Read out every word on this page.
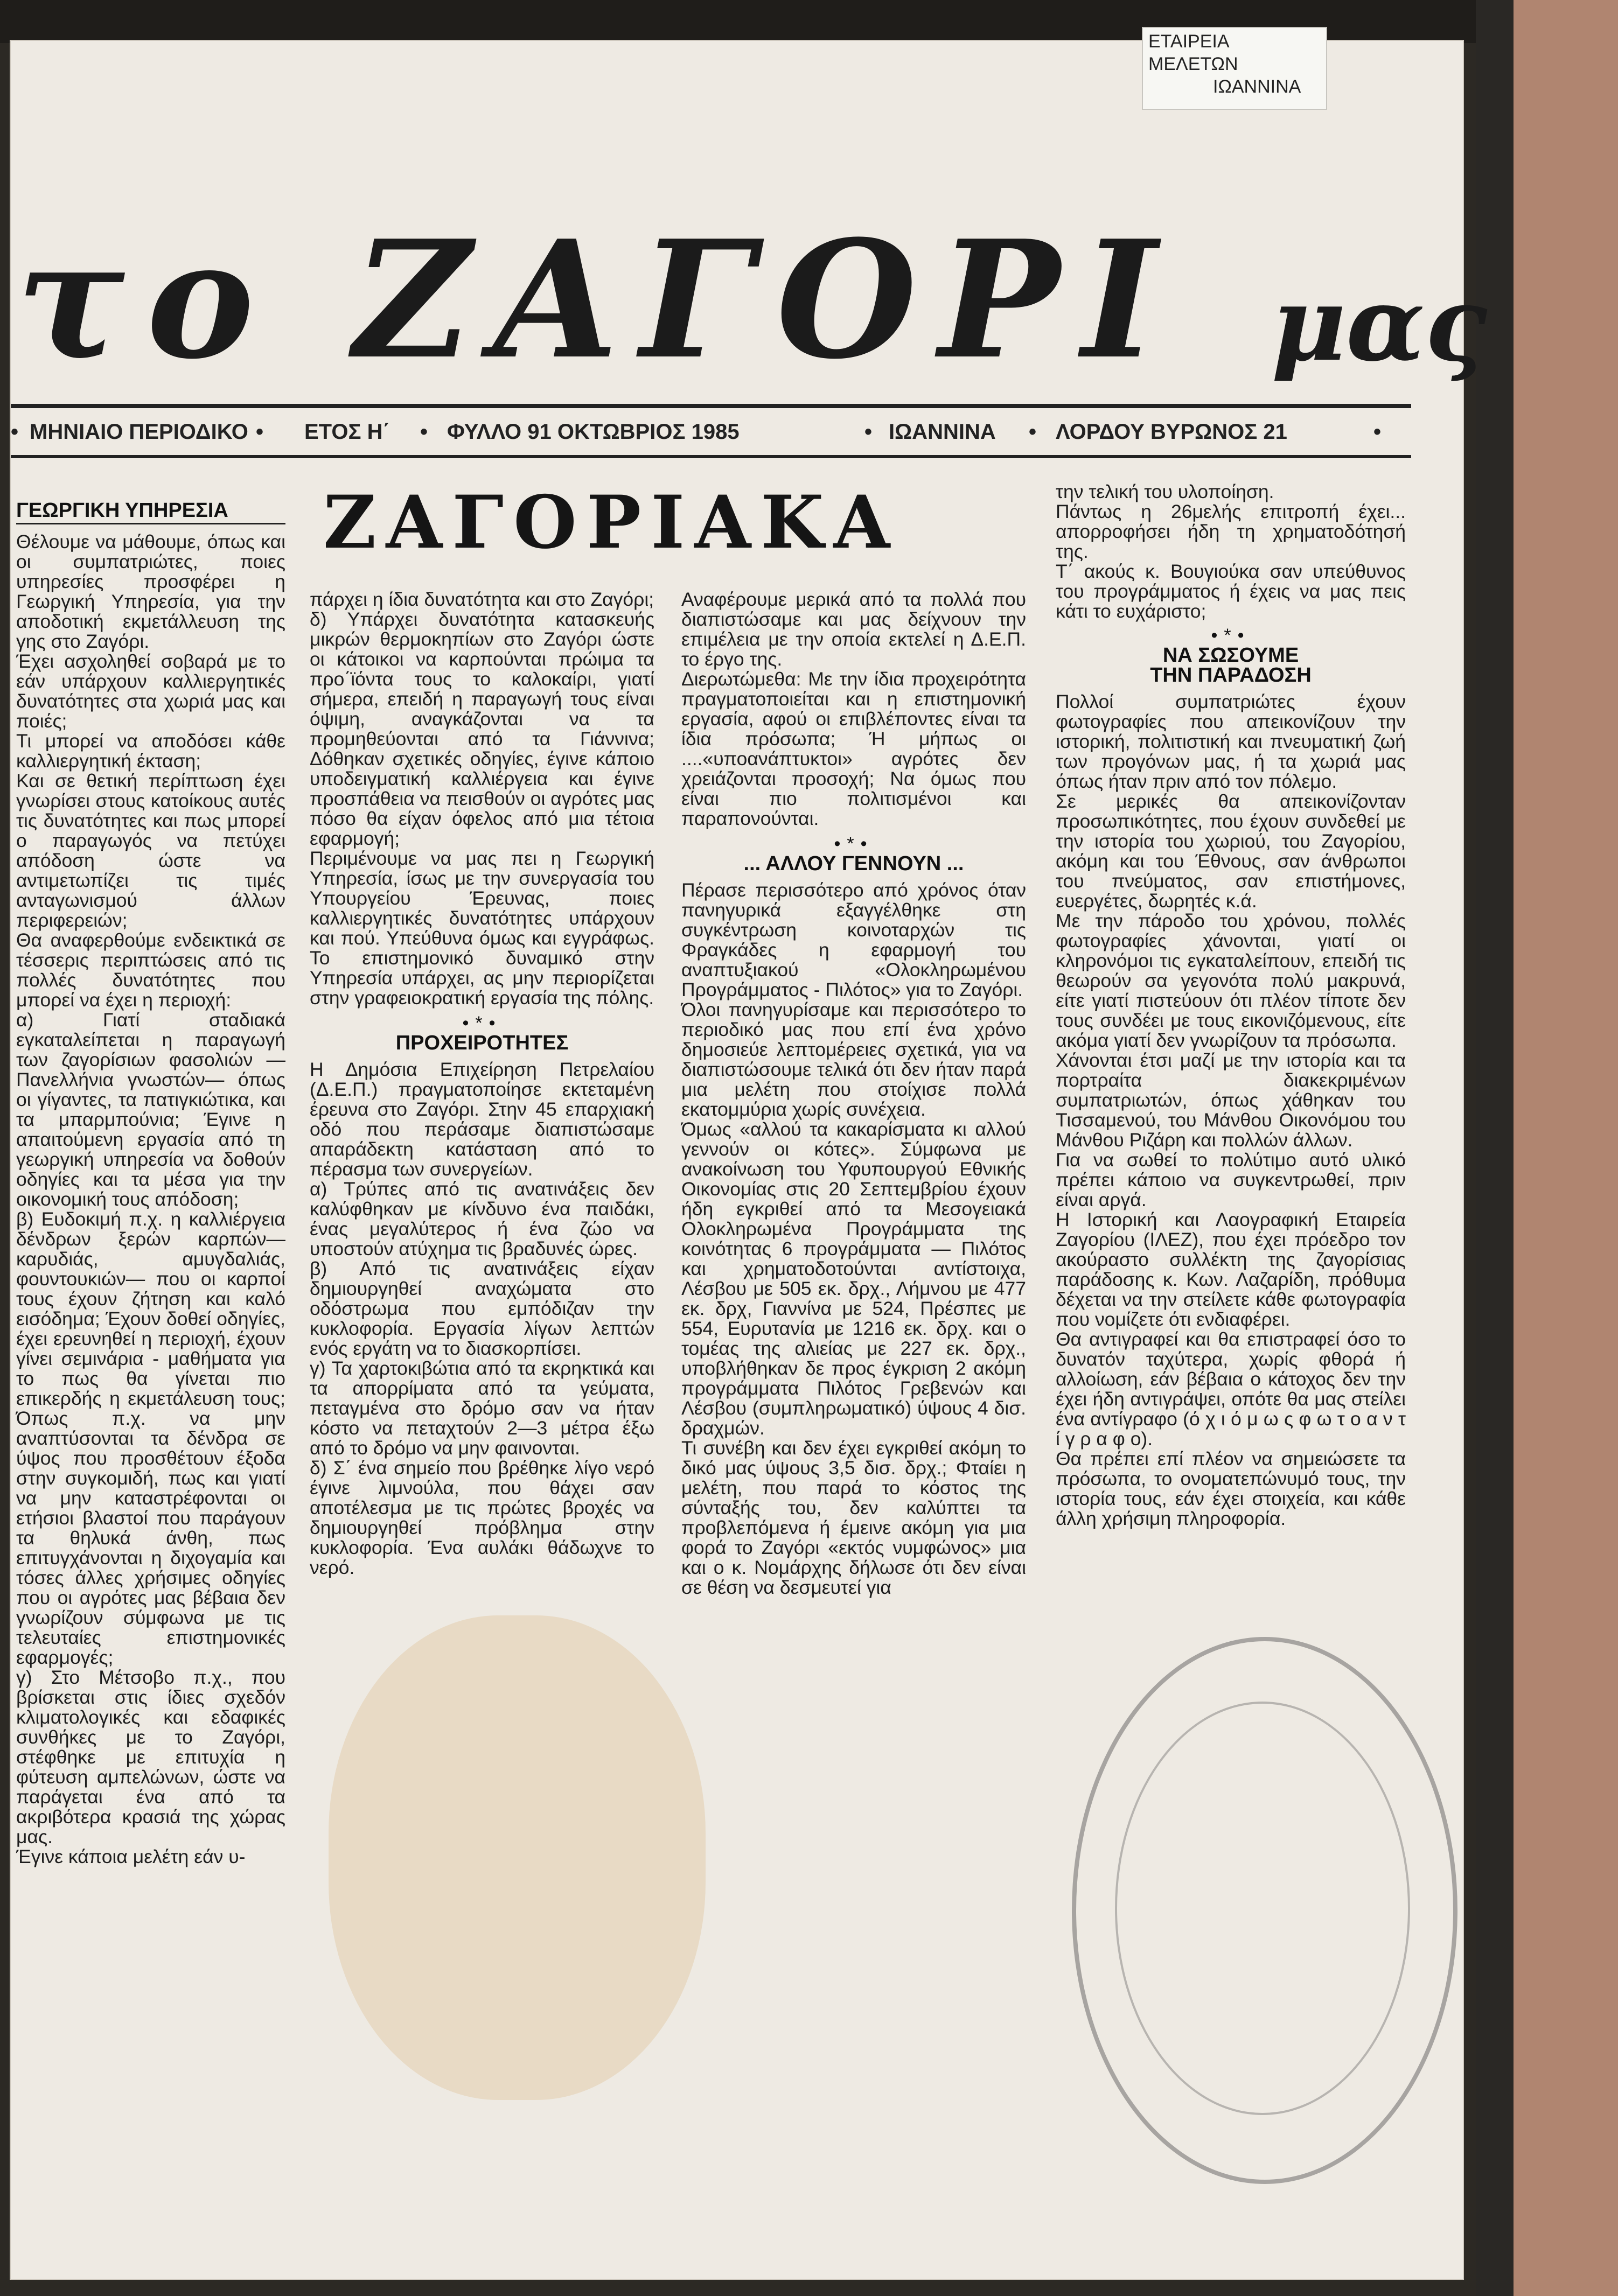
ΕΤΑΙΡΕΙΑ
ΜΕΛΕΤΩΝ
ΙΩΑΝΝΙΝΑ
το ΖΑΓΟΡΙ μας
• ΜΗΝΙΑΙΟ ΠΕΡΙΟΔΙΚΟ • ΕΤΟΣ Η΄ • ΦΥΛΛΟ 91 ΟΚΤΩΒΡΙΟΣ 1985	• ΙΩΑΝΝΙΝΑ • ΛΟΡΔΟΥ ΒΥΡΩΝΟΣ 21	•
ΖΑΓΟΡΙΑΚΑ
ΓΕΩΡΓΙΚΗ ΥΠΗΡΕΣΙΑ

Θέλουμε να μάθουμε, όπως και οι συμπατριώτες, ποιες υπηρεσίες προσφέρει η Γεωργική Υπηρεσία, για την αποδοτική εκμετάλλευση της γης στο Ζαγόρι.

Έχει ασχοληθεί σοβαρά με το εάν υπάρχουν καλλιεργητικές δυνατότητες στα χωριά μας και ποιές;

Τι μπορεί να αποδόσει κάθε καλλιεργητική έκταση;

Και σε θετική περίπτωση έχει γνωρίσει στους κατοίκους αυτές τις δυνατότητες και πως μπορεί ο παραγωγός να πετύχει απόδοση ώστε να αντιμετωπίζει τις τιμές ανταγωνισμού άλλων περιφερειών;

Θα αναφερθούμε ενδεικτικά σε τέσσερις περιπτώσεις από τις πολλές δυνατότητες που μπορεί να έχει η περιοχή:

α) Γιατί σταδιακά εγκαταλείπεται η παραγωγή των ζαγορίσιων φασολιών —Πανελλήνια γνωστών— όπως οι γίγαντες, τα πατιγκιώτικα, και τα μπαρμπούνια; Έγινε η απαιτούμενη εργασία από τη γεωργική υπηρεσία να δοθούν οδηγίες και τα μέσα για την οικονομική τους απόδοση;

β) Ευδοκιμή π.χ. η καλλιέργεια δένδρων ξερών καρπών— καρυδιάς, αμυγδαλιάς, φουντουκιών— που οι καρποί τους έχουν ζήτηση και καλό εισόδημα; Έχουν δοθεί οδηγίες, έχει ερευνηθεί η περιοχή, έχουν γίνει σεμινάρια - μαθήματα για το πως θα γίνεται πιο επικερδής η εκμετάλευση τους; Όπως π.χ. να μην αναπτύσονται τα δένδρα σε ύψος που προσθέτουν έξοδα στην συγκομιδή, πως και γιατί να μην καταστρέφονται οι ετήσιοι βλαστοί που παράγουν τα θηλυκά άνθη, πως επιτυγχάνονται η διχογαμία και τόσες άλλες χρήσιμες οδηγίες που οι αγρότες μας βέβαια δεν γνωρίζουν σύμφωνα με τις τελευταίες επιστημονικές εφαρμογές;

γ) Στο Μέτσοβο π.χ., που βρίσκεται στις ίδιες σχεδόν κλιματολογικές και εδαφικές συνθήκες με το Ζαγόρι, στέφθηκε με επιτυχία η φύτευση αμπελώνων, ώστε να παράγεται ένα από τα ακριβότερα κρασιά της χώρας μας.

Έγινε κάποια μελέτη εάν υ-

πάρχει η ίδια δυνατότητα και στο Ζαγόρι;

δ) Υπάρχει δυνατότητα κατασκευής μικρών θερμοκηπίων στο Ζαγόρι ώστε οι κάτοικοι να καρπούνται πρώιμα τα προ΄ϊόντα τους το καλοκαίρι, γιατί σήμερα, επειδή η παραγωγή τους είναι όψιμη, αναγκάζονται να τα προμηθεύονται από τα Γιάννινα; Δόθηκαν σχετικές οδηγίες, έγινε κάποιο υποδειγματική καλλιέργεια και έγινε προσπάθεια να πεισθούν οι αγρότες μας πόσο θα είχαν όφελος από μια τέτοια εφαρμογή;

Περιμένουμε να μας πει η Γεωργική Υπηρεσία, ίσως με την συνεργασία του Υπουργείου Έρευνας, ποιες καλλιεργητικές δυνατότητες υπάρχουν και πού. Υπεύθυνα όμως και εγγράφως. Το επιστημονικό δυναμικό στην Υπηρεσία υπάρχει, ας μην περιορίζεται στην γραφειοκρατική εργασία της πόλης.

•*•
ΠΡΟΧΕΙΡΟΤΗΤΕΣ

Η Δημόσια Επιχείρηση Πετρελαίου (Δ.Ε.Π.) πραγματοποίησε εκτεταμένη έρευνα στο Ζαγόρι. Στην 45 επαρχιακή οδό που περάσαμε διαπιστώσαμε απαράδεκτη κατάσταση από το πέρασμα των συνεργείων.

α) Τρύπες από τις ανατινάξεις δεν καλύφθηκαν με κίνδυνο ένα παιδάκι, ένας μεγαλύτερος ή ένα ζώο να υποστούν ατύχημα τις βραδυνές ώρες.

β) Από τις ανατινάξεις είχαν δημιουργηθεί αναχώματα στο οδόστρωμα που εμπόδιζαν την κυκλοφορία. Εργασία λίγων λεπτών ενός εργάτη να το διασκορπίσει.

γ) Τα χαρτοκιβώτια από τα εκρηκτικά και τα απορρίματα από τα γεύματα, πεταγμένα στο δρόμο σαν να ήταν κόστο να πεταχτούν 2—3 μέτρα έξω από το δρόμο να μην φαινονται.

δ) Σ΄ ένα σημείο που βρέθηκε λίγο νερό έγινε λιμνούλα, που θάχει σαν αποτέλεσμα με τις πρώτες βροχές να δημιουργηθεί πρόβλημα στην κυκλοφορία. Ένα αυλάκι θάδωχνε το νερό.

Αναφέρουμε μερικά από τα πολλά που διαπιστώσαμε και μας δείχνουν την επιμέλεια με την οποία εκτελεί η Δ.Ε.Π. το έργο της.

Διερωτώμεθα: Με την ίδια προχειρότητα πραγματοποιείται και η επιστημονική εργασία, αφού οι επιβλέποντες είναι τα ίδια πρόσωπα; Ή μήπως οι ....«υποανάπτυκτοι» αγρότες δεν χρειάζονται προσοχή; Να όμως που είναι πιο πολιτισμένοι και παραπονούνται.

•*•
... ΑΛΛΟΥ ΓΕΝΝΟΥΝ ...

Πέρασε περισσότερο από χρόνος όταν πανηγυρικά εξαγγέλθηκε στη συγκέντρωση κοινοταρχών τις Φραγκάδες η εφαρμογή του αναπτυξιακού «Ολοκληρωμένου Προγράμματος - Πιλότος» για το Ζαγόρι.

Όλοι πανηγυρίσαμε και περισσότερο το περιοδικό μας που επί ένα χρόνο δημοσιεύε λεπτομέρειες σχετικά, για να διαπιστώσουμε τελικά ότι δεν ήταν παρά μια μελέτη που στοίχισε πολλά εκατομμύρια χωρίς συνέχεια.

Όμως «αλλού τα κακαρίσματα κι αλλού γεννούν οι κότες». Σύμφωνα με ανακοίνωση του Υφυπουργού Εθνικής Οικονομίας στις 20 Σεπτεμβρίου έχουν ήδη εγκριθεί από τα Μεσογειακά Ολοκληρωμένα Προγράμματα της κοινότητας 6 προγράμματα — Πιλότος και χρηματοδοτούνται αντίστοιχα, Λέσβου με 505 εκ. δρχ., Λήμνου με 477 εκ. δρχ, Γιαννίνα με 524, Πρέσπες με 554, Ευρυτανία με 1216 εκ. δρχ. και ο τομέας της αλιείας με 227 εκ. δρχ., υποβλήθηκαν δε προς έγκριση 2 ακόμη προγράμματα Πιλότος Γρεβενών και Λέσβου (συμπληρωματικό) ύψους 4 δισ. δραχμών.

Τι συνέβη και δεν έχει εγκριθεί ακόμη το δικό μας ύψους 3,5 δισ. δρχ.; Φταίει η μελέτη, που παρά το κόστος της σύνταξής του, δεν καλύπτει τα προβλεπόμενα ή έμεινε ακόμη για μια φορά το Ζαγόρι «εκτός νυμφώνος» μια και ο κ. Νομάρχης δήλωσε ότι δεν είναι σε θέση να δεσμευτεί για

την τελική του υλοποίηση.

Πάντως η 26μελής επιτροπή έχει... απορροφήσει ήδη τη χρηματοδότησή της.

Τ΄ ακούς κ. Βουγιούκα σαν υπεύθυνος του προγράμματος ή έχεις να μας πεις κάτι το ευχάριστο;

•*•
ΝΑ ΣΩΣΟΥΜΕ
ΤΗΝ ΠΑΡΑΔΟΣΗ

Πολλοί συμπατριώτες έχουν φωτογραφίες που απεικονίζουν την ιστορική, πολιτιστική και πνευματική ζωή των προγόνων μας, ή τα χωριά μας όπως ήταν πριν από τον πόλεμο.

Σε μερικές θα απεικονίζονταν προσωπικότητες, που έχουν συνδεθεί με την ιστορία του χωριού, του Ζαγορίου, ακόμη και του Έθνους, σαν άνθρωποι του πνεύματος, σαν επιστήμονες, ευεργέτες, δωρητές κ.ά.

Με την πάροδο του χρόνου, πολλές φωτογραφίες χάνονται, γιατί οι κληρονόμοι τις εγκαταλείπουν, επειδή τις θεωρούν σα γεγονότα πολύ μακρυνά, είτε γιατί πιστεύουν ότι πλέον τίποτε δεν τους συνδέει με τους εικονιζόμενους, είτε ακόμα γιατί δεν γνωρίζουν τα πρόσωπα.

Χάνονται έτσι μαζί με την ιστορία και τα πορτραίτα διακεκριμένων συμπατριωτών, όπως χάθηκαν του Τισσαμενού, του Μάνθου Οικονόμου του Μάνθου Ριζάρη και πολλών άλλων.

Για να σωθεί το πολύτιμο αυτό υλικό πρέπει κάποιο να συγκεντρωθεί, πριν είναι αργά.

Η Ιστορική και Λαογραφική Εταιρεία Ζαγορίου (ΙΛΕΖ), που έχει πρόεδρο τον ακούραστο συλλέκτη της ζαγορίσιας παράδοσης κ. Κων. Λαζαρίδη, πρόθυμα δέχεται να την στείλετε κάθε φωτογραφία που νομίζετε ότι ενδιαφέρει.

Θα αντιγραφεί και θα επιστραφεί όσο το δυνατόν ταχύτερα, χωρίς φθορά ή αλλοίωση, εάν βέβαια ο κάτοχος δεν την έχει ήδη αντιγράψει, οπότε θα μας στείλει ένα αντίγραφο (ό χ ι ό μ ω ς φ ω τ ο α ν τ ί γ ρ α φ ο).

Θα πρέπει επί πλέον να σημειώσετε τα πρόσωπα, το ονοματεπώνυμό τους, την ιστορία τους, εάν έχει στοιχεία, και κάθε άλλη χρήσιμη πληροφορία.
